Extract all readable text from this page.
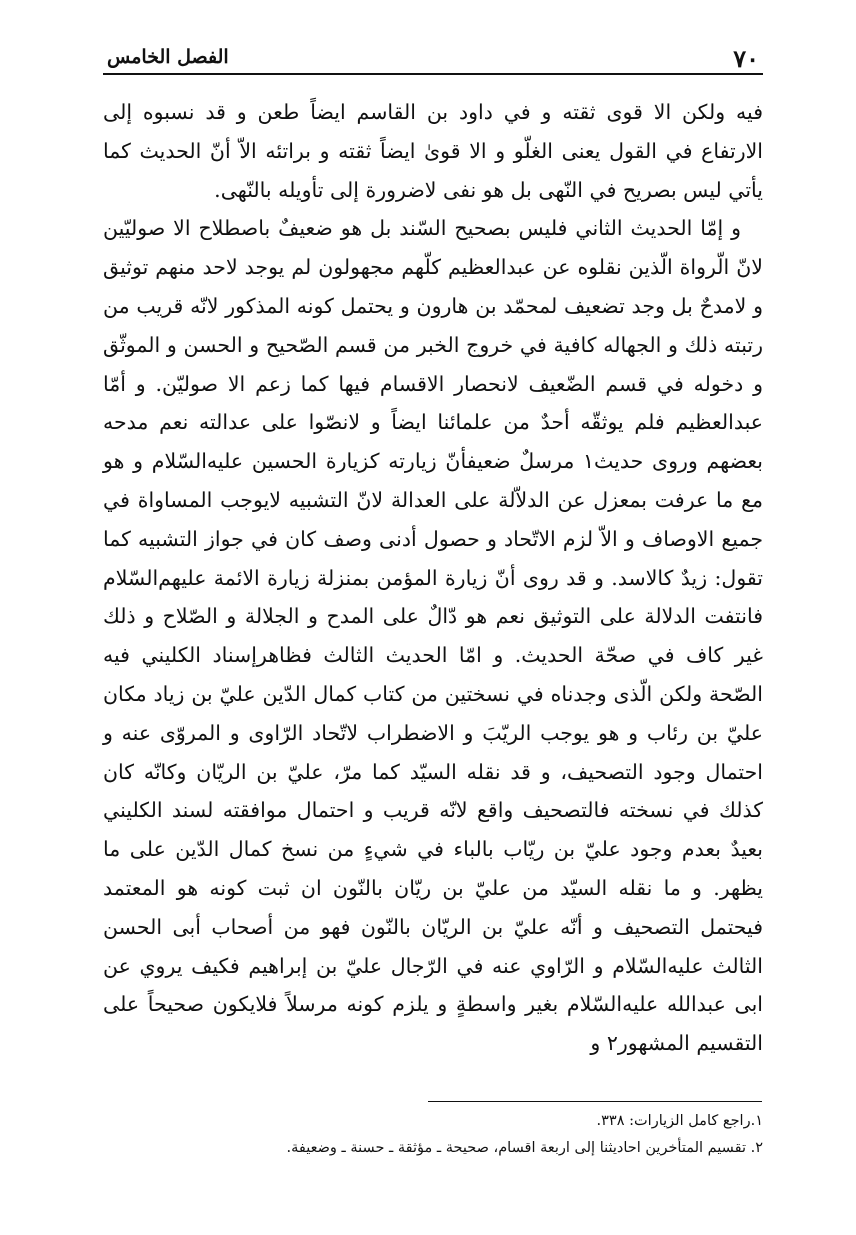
٧٠
الفصل الخامس

فيه ولكن الا قوى ثقته و في داود بن القاسم ايضاً طعن و قد نسبوه إلى الارتفاع في القول يعنى الغلّو و الا قوىٰ ايضاً ثقته و براتئه الاّ أنّ الحديث كما يأتي ليس بصريح في النّهى بل هو نفى لاضرورة إلى تأويله بالنّهى.

و إمّا الحديث الثاني فليس بصحيح السّند بل هو ضعيفٌ باصطلاح الا صوليّين لانّ الّرواة الّذين نقلوه عن عبدالعظيم كلّهم مجهولون لم يوجد لاحد منهم توثيق و لامدحٌ بل وجد تضعيف لمحمّد بن هارون و يحتمل كونه المذكور لانّه قريب من رتبته ذلك و الجهاله كافية في خروج الخبر من قسم الصّحيح و الحسن و الموثّق و دخوله في قسم الضّعيف لانحصار الاقسام فيها كما زعم الا صوليّن. و أمّا عبدالعظيم فلم يوثقّه أحدٌ من علمائنا ايضاً و لانصّوا على عدالته نعم مدحه بعضهم وروى حديث١ مرسلٌ ضعيفأنّ زيارته كزيارة الحسين عليه‌السّلام و هو مع ما عرفت بمعزل عن الدلاّلة على العدالة لانّ التشبيه لايوجب المساواة في جميع الاوصاف و الاّ لزم الاتّحاد و حصول أدنى وصف كان في جواز التشبيه كما تقول: زيدٌ كالاسد. و قد روى أنّ زيارة المؤمن بمنزلة زيارة الائمة عليهم‌السّلام فانتفت الدلالة على التوثيق نعم هو دّالٌ على المدح و الجلالة و الصّلاح و ذلك غير كاف في صحّة الحديث. و امّا الحديث الثالث فظاهرإسناد الكليني فيه الصّحة ولكن الّذى وجدناه في نسختين من كتاب كمال الدّين عليّ بن زياد مكان عليّ بن رئاب و هو يوجب الريّبَ و الاضطراب لاتّحاد الرّاوى و المروّى عنه و احتمال وجود التصحيف، و قد نقله السيّد كما مرّ، عليّ بن الريّان وكانّه كان كذلك في نسخته فالتصحيف واقع لانّه قريب و احتمال موافقته لسند الكليني بعيدٌ بعدم وجود عليّ بن ريّاب بالباء في شيءٍ من نسخ كمال الدّين على ما يظهر. و ما نقله السيّد من عليّ بن ريّان بالنّون ان ثبت كونه هو المعتمد فيحتمل التصحيف و أنّه عليّ بن الريّان بالنّون فهو من أصحاب أبى الحسن الثالث عليه‌السّلام و الرّاوي عنه في الرّجال عليّ بن إبراهيم فكيف يروي عن ابى عبدالله عليه‌السّلام بغير واسطةٍ و يلزم كونه مرسلاً فلايكون صحيحاً على التقسيم المشهور٢ و

١.راجع كامل الزيارات: ٣٣٨.

٢. تقسيم المتأخرين احاديثنا إلى اربعة اقسام، صحيحة ـ مؤثقة ـ حسنة ـ وضعيفة.
